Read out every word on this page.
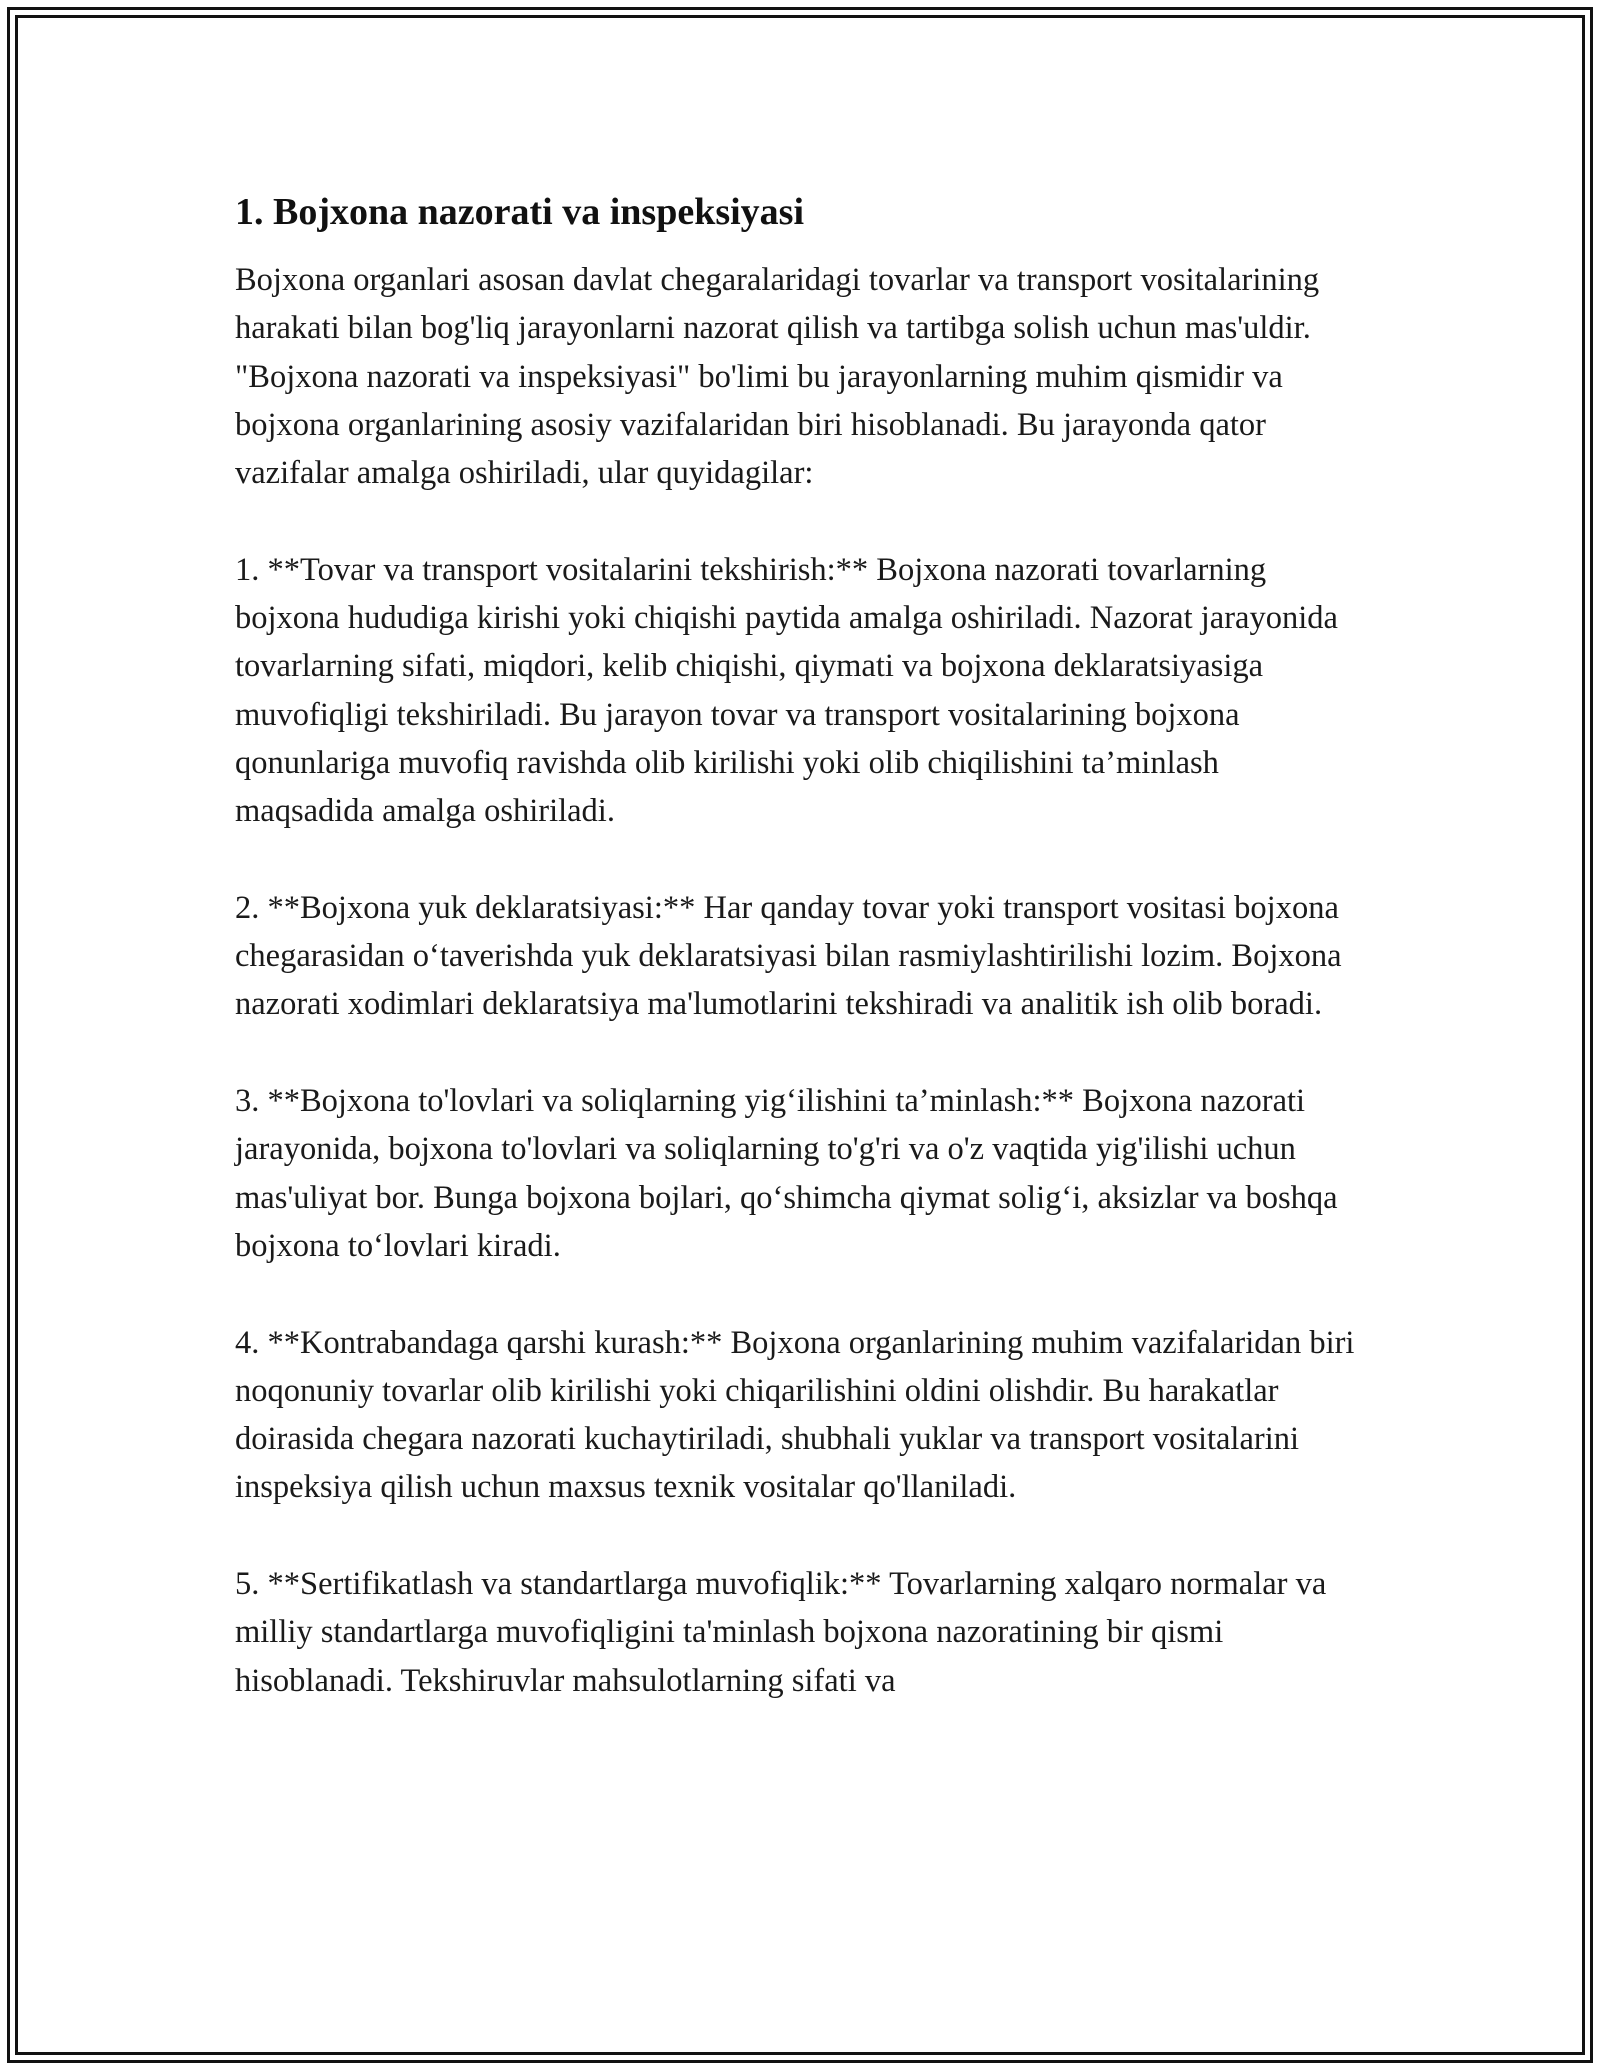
1. Bojxona nazorati va inspeksiyasi

Bojxona organlari asosan davlat chegaralaridagi tovarlar va transport vositalarining harakati bilan bog'liq jarayonlarni nazorat qilish va tartibga solish uchun mas'uldir. "Bojxona nazorati va inspeksiyasi" bo'limi bu jarayonlarning muhim qismidir va bojxona organlarining asosiy vazifalaridan biri hisoblanadi. Bu jarayonda qator vazifalar amalga oshiriladi, ular quyidagilar:

1. **Tovar va transport vositalarini tekshirish:** Bojxona nazorati tovarlarning bojxona hududiga kirishi yoki chiqishi paytida amalga oshiriladi. Nazorat jarayonida tovarlarning sifati, miqdori, kelib chiqishi, qiymati va bojxona deklaratsiyasiga muvofiqligi tekshiriladi. Bu jarayon tovar va transport vositalarining bojxona qonunlariga muvofiq ravishda olib kirilishi yoki olib chiqilishini ta’minlash maqsadida amalga oshiriladi.

2. **Bojxona yuk deklaratsiyasi:** Har qanday tovar yoki transport vositasi bojxona chegarasidan o‘taverishda yuk deklaratsiyasi bilan rasmiylashtirilishi lozim. Bojxona nazorati xodimlari deklaratsiya ma'lumotlarini tekshiradi va analitik ish olib boradi.

3. **Bojxona to'lovlari va soliqlarning yig‘ilishini ta’minlash:** Bojxona nazorati jarayonida, bojxona to'lovlari va soliqlarning to'g'ri va o'z vaqtida yig'ilishi uchun mas'uliyat bor. Bunga bojxona bojlari, qo‘shimcha qiymat solig‘i, aksizlar va boshqa bojxona to‘lovlari kiradi.

4. **Kontrabandaga qarshi kurash:** Bojxona organlarining muhim vazifalaridan biri noqonuniy tovarlar olib kirilishi yoki chiqarilishini oldini olishdir. Bu harakatlar doirasida chegara nazorati kuchaytiriladi, shubhali yuklar va transport vositalarini inspeksiya qilish uchun maxsus texnik vositalar qo'llaniladi.

5. **Sertifikatlash va standartlarga muvofiqlik:** Tovarlarning xalqaro normalar va milliy standartlarga muvofiqligini ta'minlash bojxona nazoratining bir qismi hisoblanadi. Tekshiruvlar mahsulotlarning sifati va
